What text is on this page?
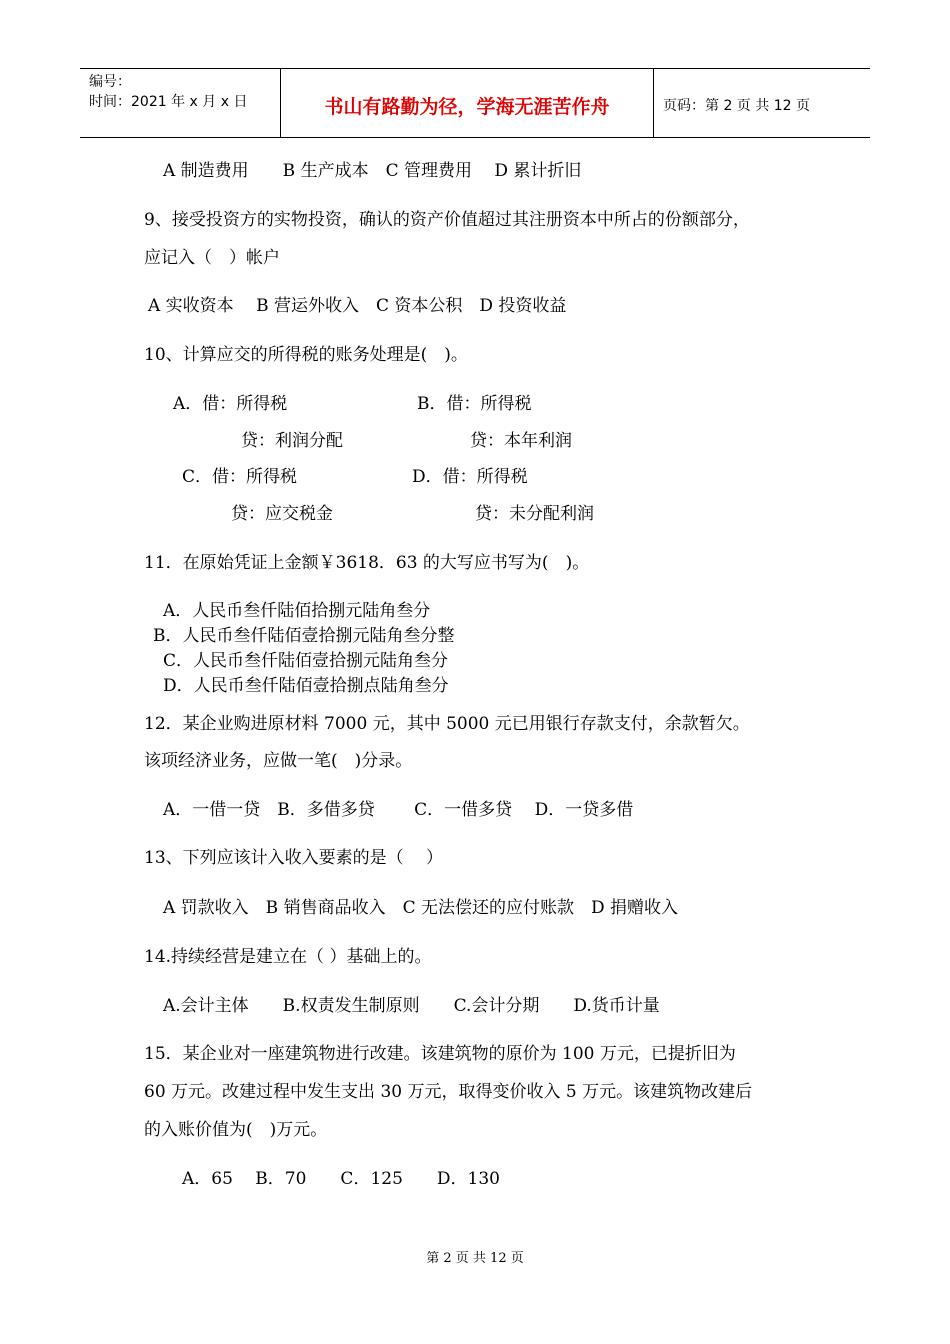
编号：
时间：2021 年 x 月 x 日	书山有路勤为径，学海无涯苦作舟	页码：第 2 页 共 12 页
A 制造费用　　B 生产成本　C 管理费用　 D 累计折旧
9、接受投资方的实物投资，确认的资产价值超过其注册资本中所占的份额部分，
应记入（　）帐户
A 实收资本　 B 营运外收入　C 资本公积　D 投资收益
10、计算应交的所得税的账务处理是(　)。
A．借：所得税	B．借：所得税
贷：利润分配	贷：本年利润
C．借：所得税	D．借：所得税
贷：应交税金	贷：未分配利润
11．在原始凭证上金额￥3618．63 的大写应书写为(　)。
A．人民币叁仟陆佰拾捌元陆角叁分
B．人民币叁仟陆佰壹拾捌元陆角叁分整
C．人民币叁仟陆佰壹拾捌元陆角叁分
D．人民币叁仟陆佰壹拾捌点陆角叁分
12．某企业购进原材料 7000 元，其中 5000 元已用银行存款支付，余款暂欠。
该项经济业务，应做一笔(　)分录。
A．一借一贷　B．多借多贷　　 C．一借多贷　 D．一贷多借
13、下列应该计入收入要素的是（　 ）
A 罚款收入　B 销售商品收入　C 无法偿还的应付账款　D 捐赠收入
14.持续经营是建立在（ ）基础上的。
A.会计主体　　B.权责发生制原则　　C.会计分期　　D.货币计量
15．某企业对一座建筑物进行改建。该建筑物的原价为 100 万元，已提折旧为
60 万元。改建过程中发生支出 30 万元，取得变价收入 5 万元。该建筑物改建后
的入账价值为(　)万元。
A．65　 B．70　　C．125　　D．130
第 2 页 共 12 页
